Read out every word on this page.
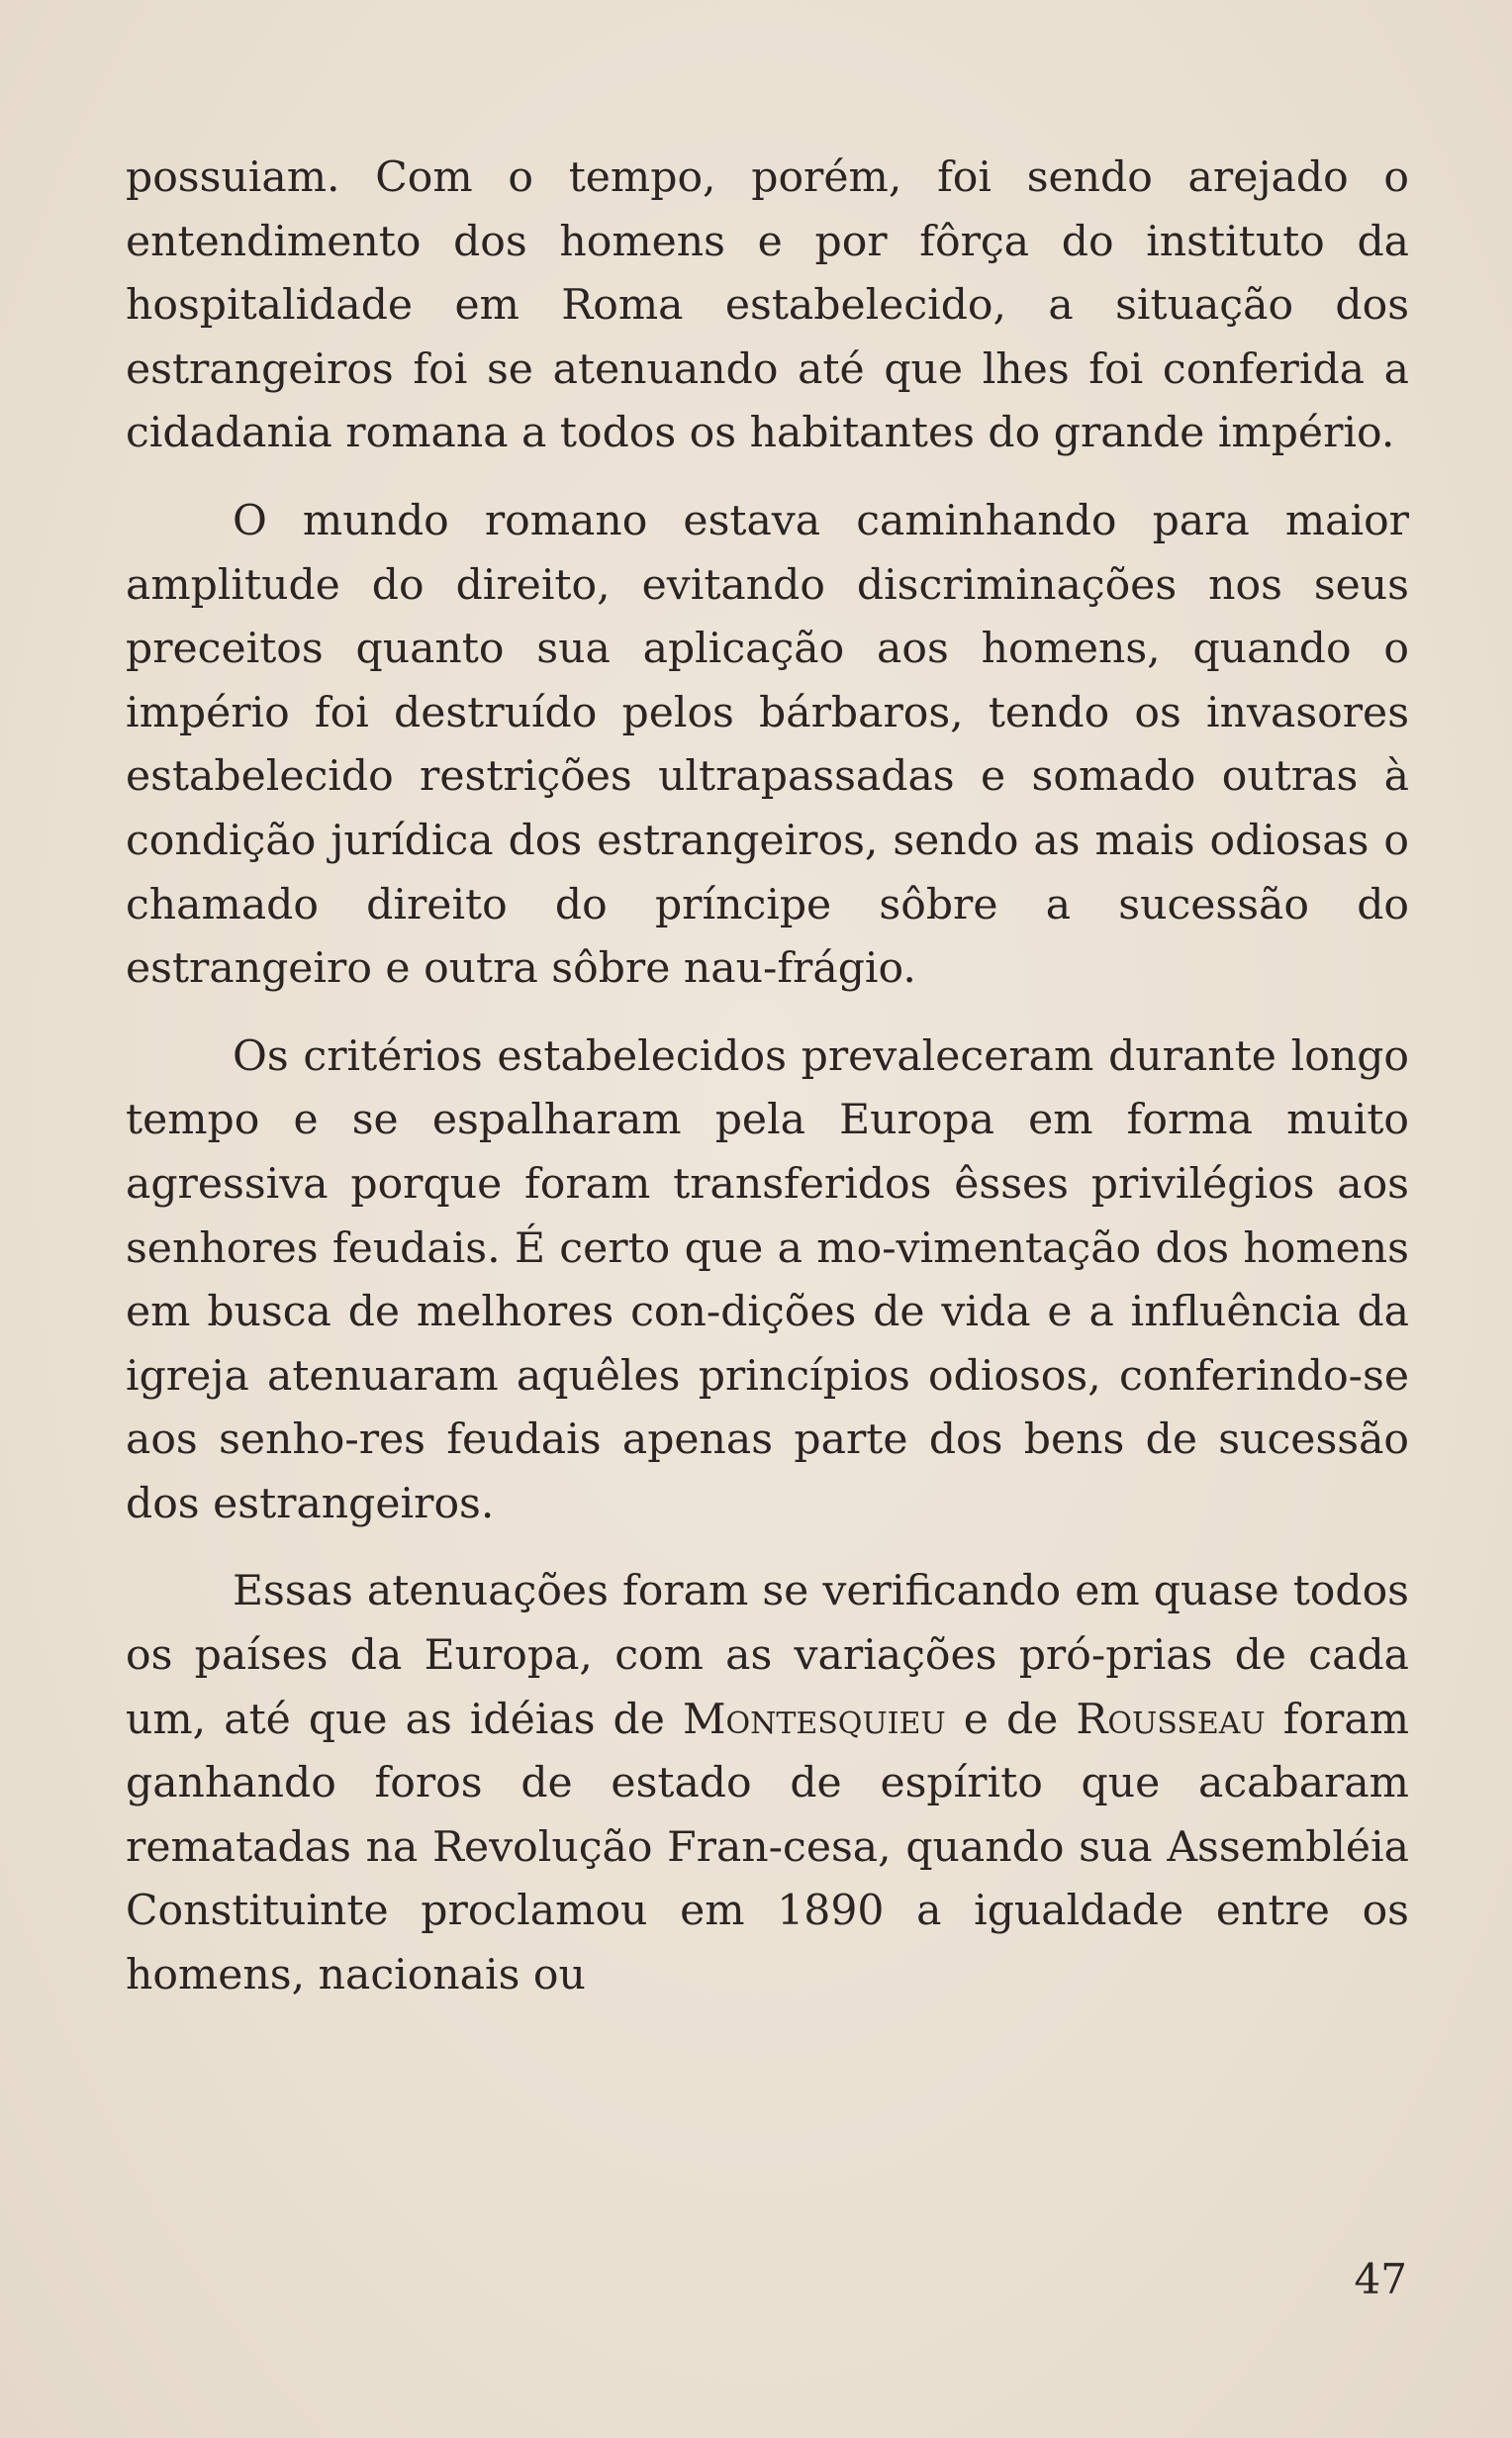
possuiam. Com o tempo, porém, foi sendo arejado o entendimento dos homens e por fôrça do instituto da hospitalidade em Roma estabelecido, a situação dos estrangeiros foi se atenuando até que lhes foi conferida a cidadania romana a todos os habitantes do grande império.

O mundo romano estava caminhando para maior amplitude do direito, evitando discriminações nos seus preceitos quanto sua aplicação aos homens, quando o império foi destruído pelos bárbaros, tendo os invasores estabelecido restrições ultrapassadas e somado outras à condição jurídica dos estrangeiros, sendo as mais odiosas o chamado direito do príncipe sôbre a sucessão do estrangeiro e outra sôbre nau-frágio.

Os critérios estabelecidos prevaleceram durante longo tempo e se espalharam pela Europa em forma muito agressiva porque foram transferidos êsses privilégios aos senhores feudais. É certo que a mo-vimentação dos homens em busca de melhores con-dições de vida e a influência da igreja atenuaram aquêles princípios odiosos, conferindo-se aos senho-res feudais apenas parte dos bens de sucessão dos estrangeiros.

Essas atenuações foram se verificando em quase todos os países da Europa, com as variações pró-prias de cada um, até que as idéias de Montesquieu e de Rousseau foram ganhando foros de estado de espírito que acabaram rematadas na Revolução Fran-cesa, quando sua Assembléia Constituinte proclamou em 1890 a igualdade entre os homens, nacionais ou

47
